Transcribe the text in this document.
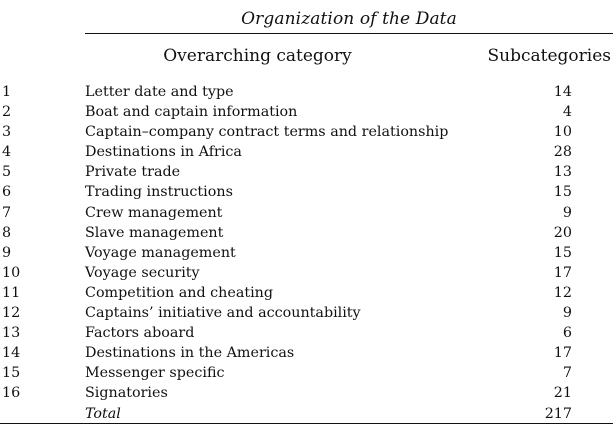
Organization of the Data
Overarching category	Subcategories
1	Letter date and type	14
2	Boat and captain information	4
3	Captain–company contract terms and relationship	10
4	Destinations in Africa	28
5	Private trade	13
6	Trading instructions	15
7	Crew management	9
8	Slave management	20
9	Voyage management	15
10	Voyage security	17
11	Competition and cheating	12
12	Captains’ initiative and accountability	9
13	Factors aboard	6
14	Destinations in the Americas	17
15	Messenger specific	7
16	Signatories	21
Total	217
